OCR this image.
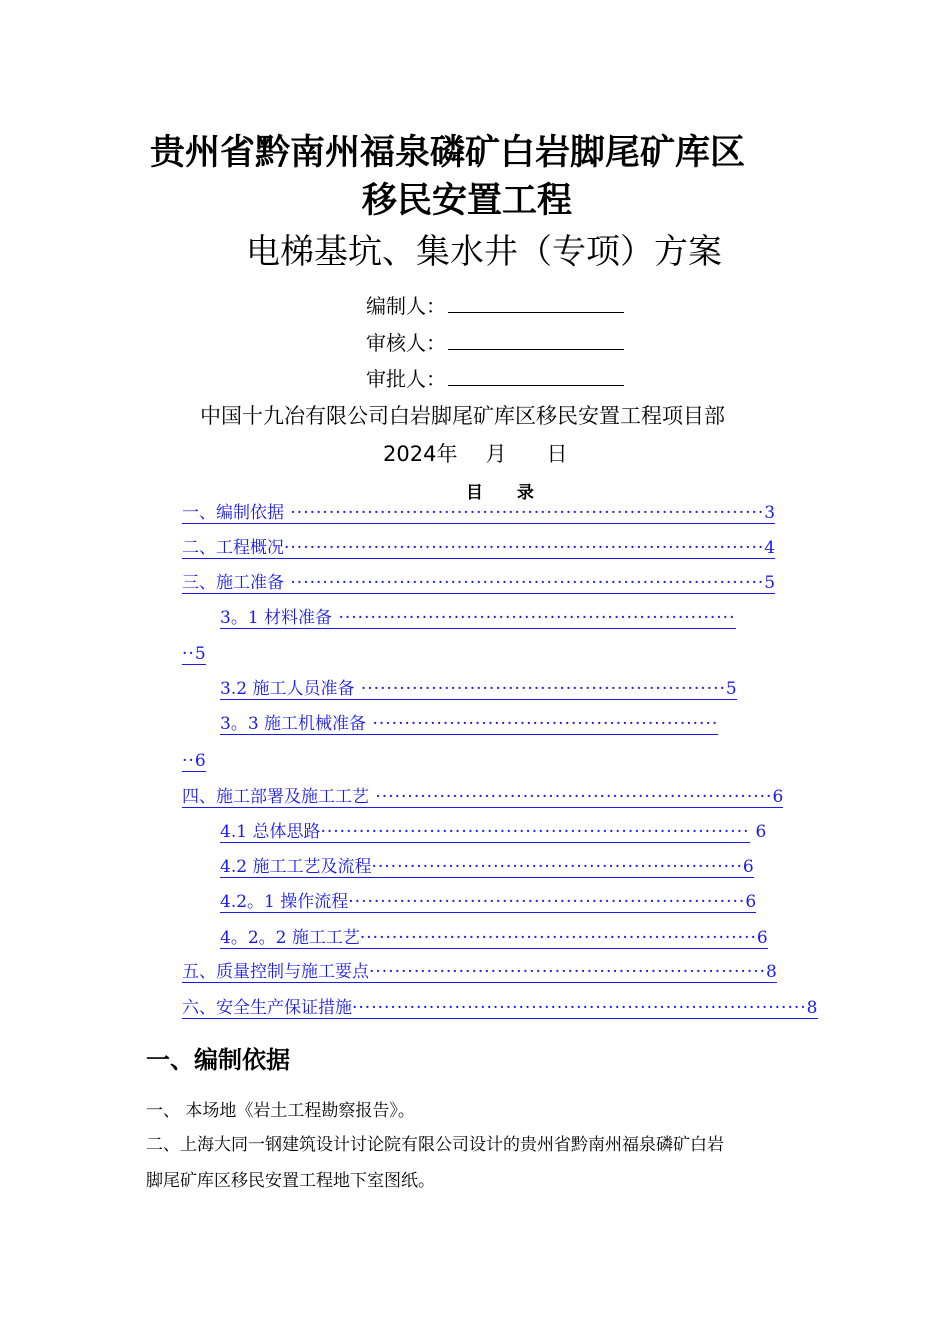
贵州省黔南州福泉磷矿白岩脚尾矿库区
移民安置工程
电梯基坑、集水井（专项）方案
编制人：
审核人：
审批人：
中国十九冶有限公司白岩脚尾矿库区移民安置工程项目部
2024年 月 日
目 录
一、编制依据 ··········································································3
二、工程概况···········································································4
三、施工准备 ··········································································5
3。1 材料准备 ······························································
··5
3.2 施工人员准备 ·························································5
3。3 施工机械准备 ······················································
··6
四、施工部署及施工工艺 ······························································6
4.1 总体思路··································································· 6
4.2 施工工艺及流程··························································6
4.2。1 操作流程······························································6
4。2。2 施工工艺······························································6
五、质量控制与施工要点······························································8
六、安全生产保证措施·······································································8
一、编制依据
一、 本场地《岩土工程勘察报告》。
二、上海大同一钢建筑设计讨论院有限公司设计的贵州省黔南州福泉磷矿白岩
脚尾矿库区移民安置工程地下室图纸。
